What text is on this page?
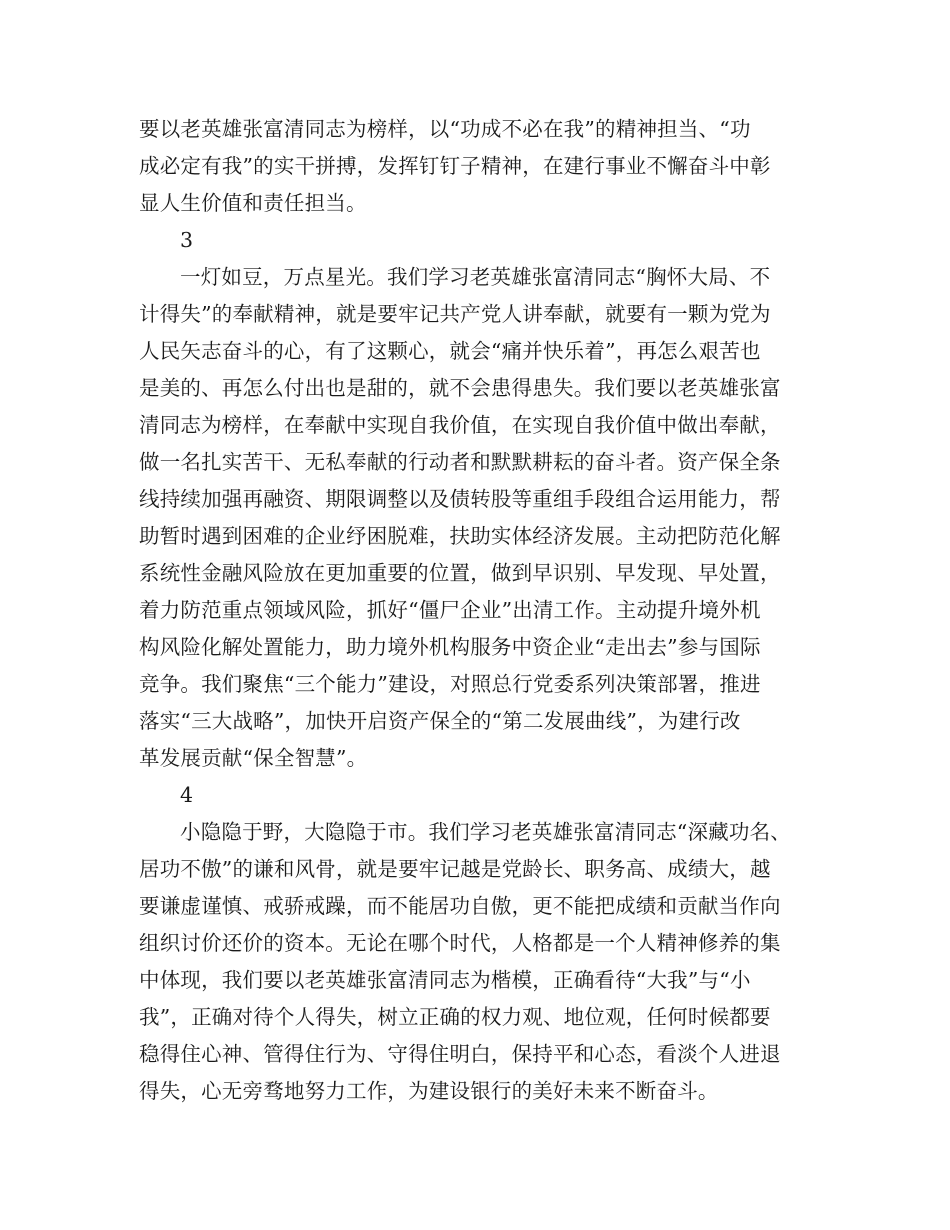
要以老英雄张富清同志为榜样，以“功成不必在我”的精神担当、“功
成必定有我”的实干拼搏，发挥钉钉子精神，在建行事业不懈奋斗中彰
显人生价值和责任担当。
3
一灯如豆，万点星光。我们学习老英雄张富清同志“胸怀大局、不
计得失”的奉献精神，就是要牢记共产党人讲奉献，就要有一颗为党为
人民矢志奋斗的心，有了这颗心，就会“痛并快乐着”，再怎么艰苦也
是美的、再怎么付出也是甜的，就不会患得患失。我们要以老英雄张富
清同志为榜样，在奉献中实现自我价值，在实现自我价值中做出奉献，
做一名扎实苦干、无私奉献的行动者和默默耕耘的奋斗者。资产保全条
线持续加强再融资、期限调整以及债转股等重组手段组合运用能力，帮
助暂时遇到困难的企业纾困脱难，扶助实体经济发展。主动把防范化解
系统性金融风险放在更加重要的位置，做到早识别、早发现、早处置，
着力防范重点领域风险，抓好“僵尸企业”出清工作。主动提升境外机
构风险化解处置能力，助力境外机构服务中资企业“走出去”参与国际
竞争。我们聚焦“三个能力”建设，对照总行党委系列决策部署，推进
落实“三大战略”，加快开启资产保全的“第二发展曲线”，为建行改
革发展贡献“保全智慧”。
4
小隐隐于野，大隐隐于市。我们学习老英雄张富清同志“深藏功名、
居功不傲”的谦和风骨，就是要牢记越是党龄长、职务高、成绩大，越
要谦虚谨慎、戒骄戒躁，而不能居功自傲，更不能把成绩和贡献当作向
组织讨价还价的资本。无论在哪个时代，人格都是一个人精神修养的集
中体现，我们要以老英雄张富清同志为楷模，正确看待“大我”与“小
我”，正确对待个人得失，树立正确的权力观、地位观，任何时候都要
稳得住心神、管得住行为、守得住明白，保持平和心态，看淡个人进退
得失，心无旁骛地努力工作，为建设银行的美好未来不断奋斗。
